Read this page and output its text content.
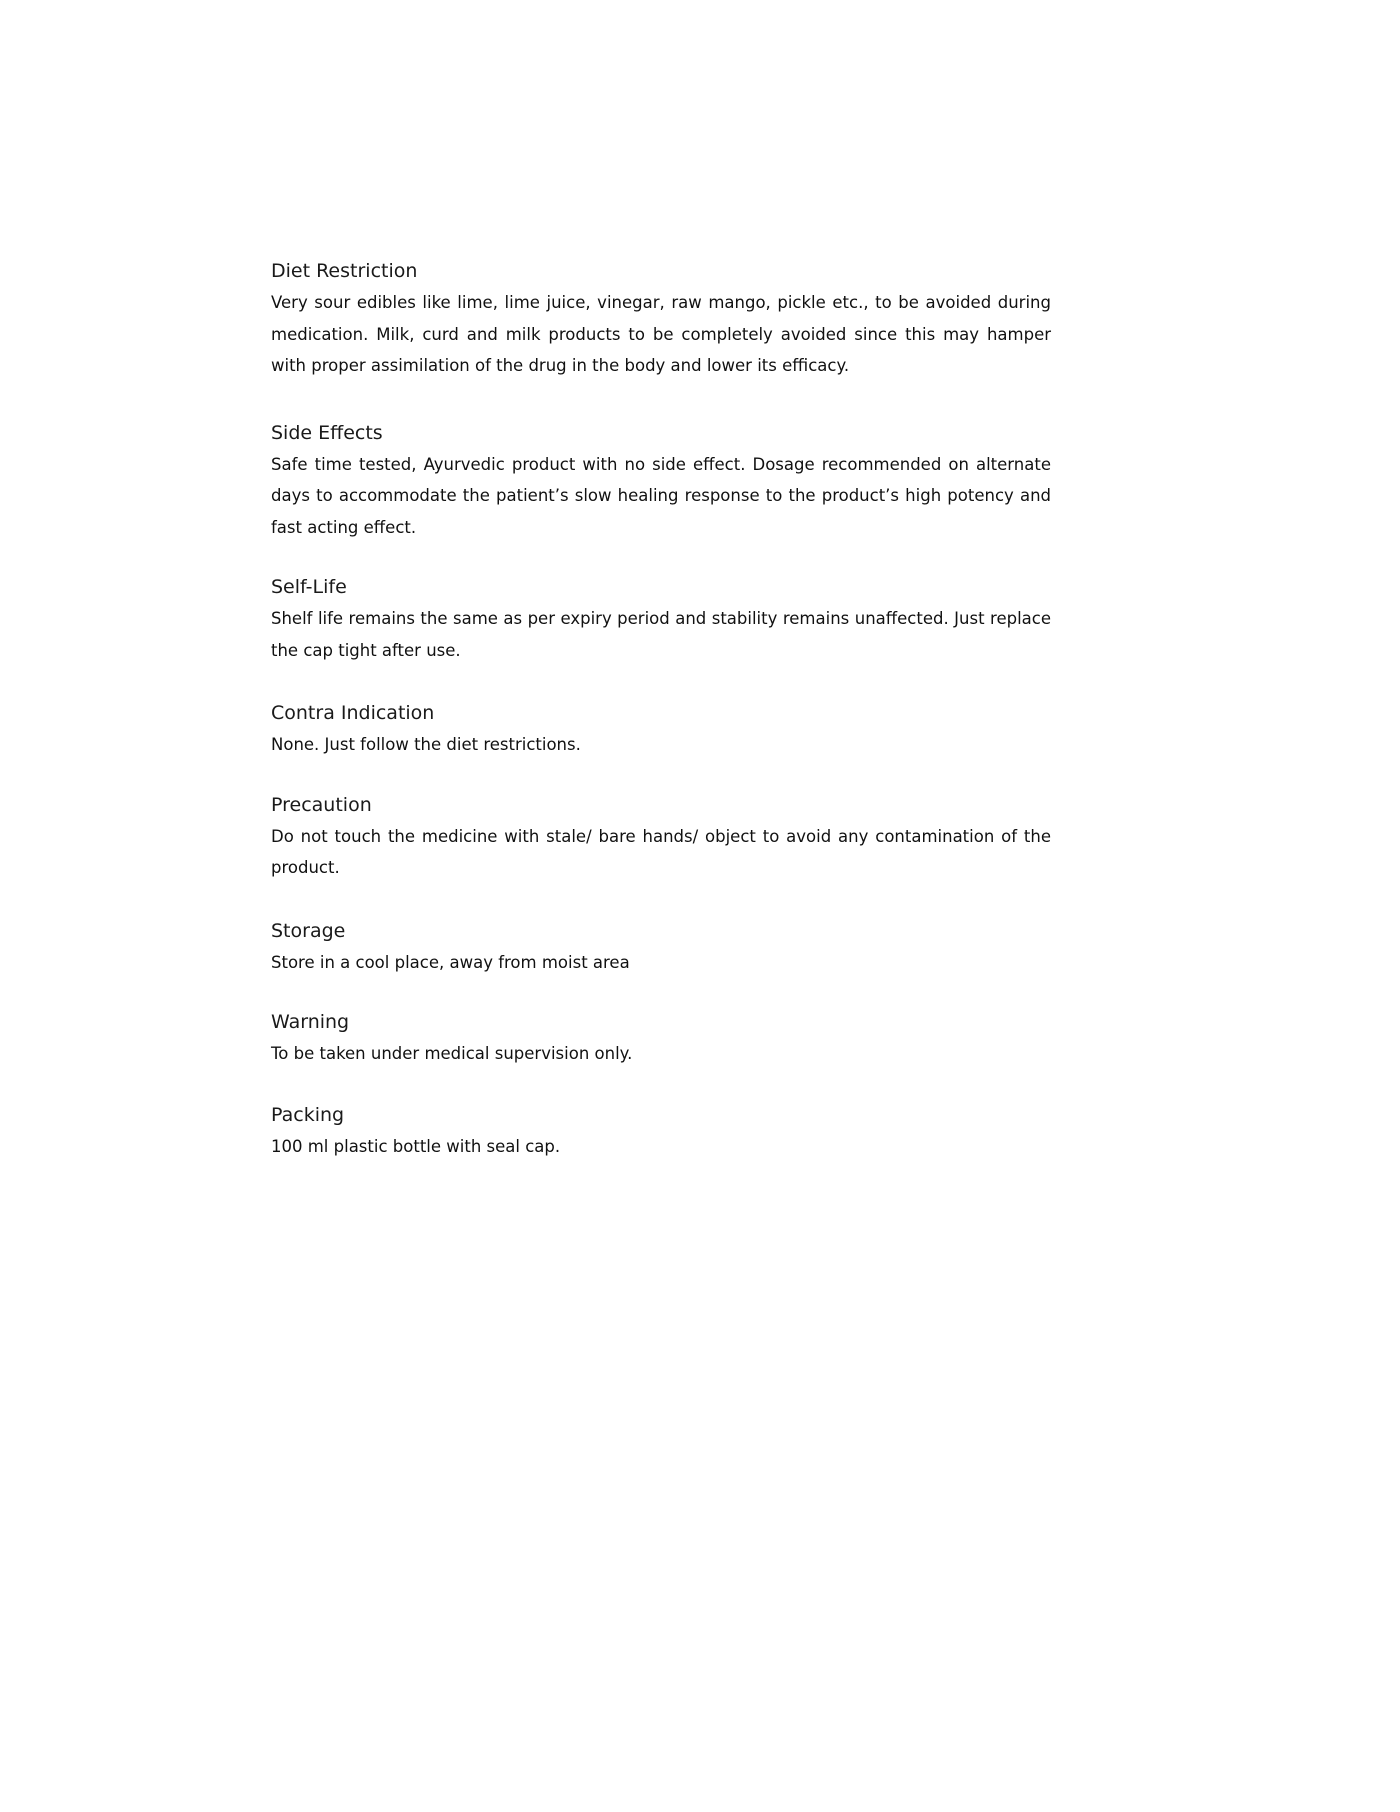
Diet Restriction

Very sour edibles like lime, lime juice, vinegar, raw mango, pickle etc., to be avoided during medication. Milk, curd and milk products to be completely avoided since this may hamper with proper assimilation of the drug in the body and lower its efficacy.

Side Effects

Safe time tested, Ayurvedic product with no side effect. Dosage recommended on alternate days to accommodate the patient’s slow healing response to the product’s high potency and fast acting effect.

Self-Life

Shelf life remains the same as per expiry period and stability remains unaffected. Just replace the cap tight after use.

Contra Indication

None. Just follow the diet restrictions.

Precaution

Do not touch the medicine with stale/ bare hands/ object to avoid any contamination of the product.

Storage

Store in a cool place, away from moist area

Warning

To be taken under medical supervision only.

Packing

100 ml plastic bottle with seal cap.
